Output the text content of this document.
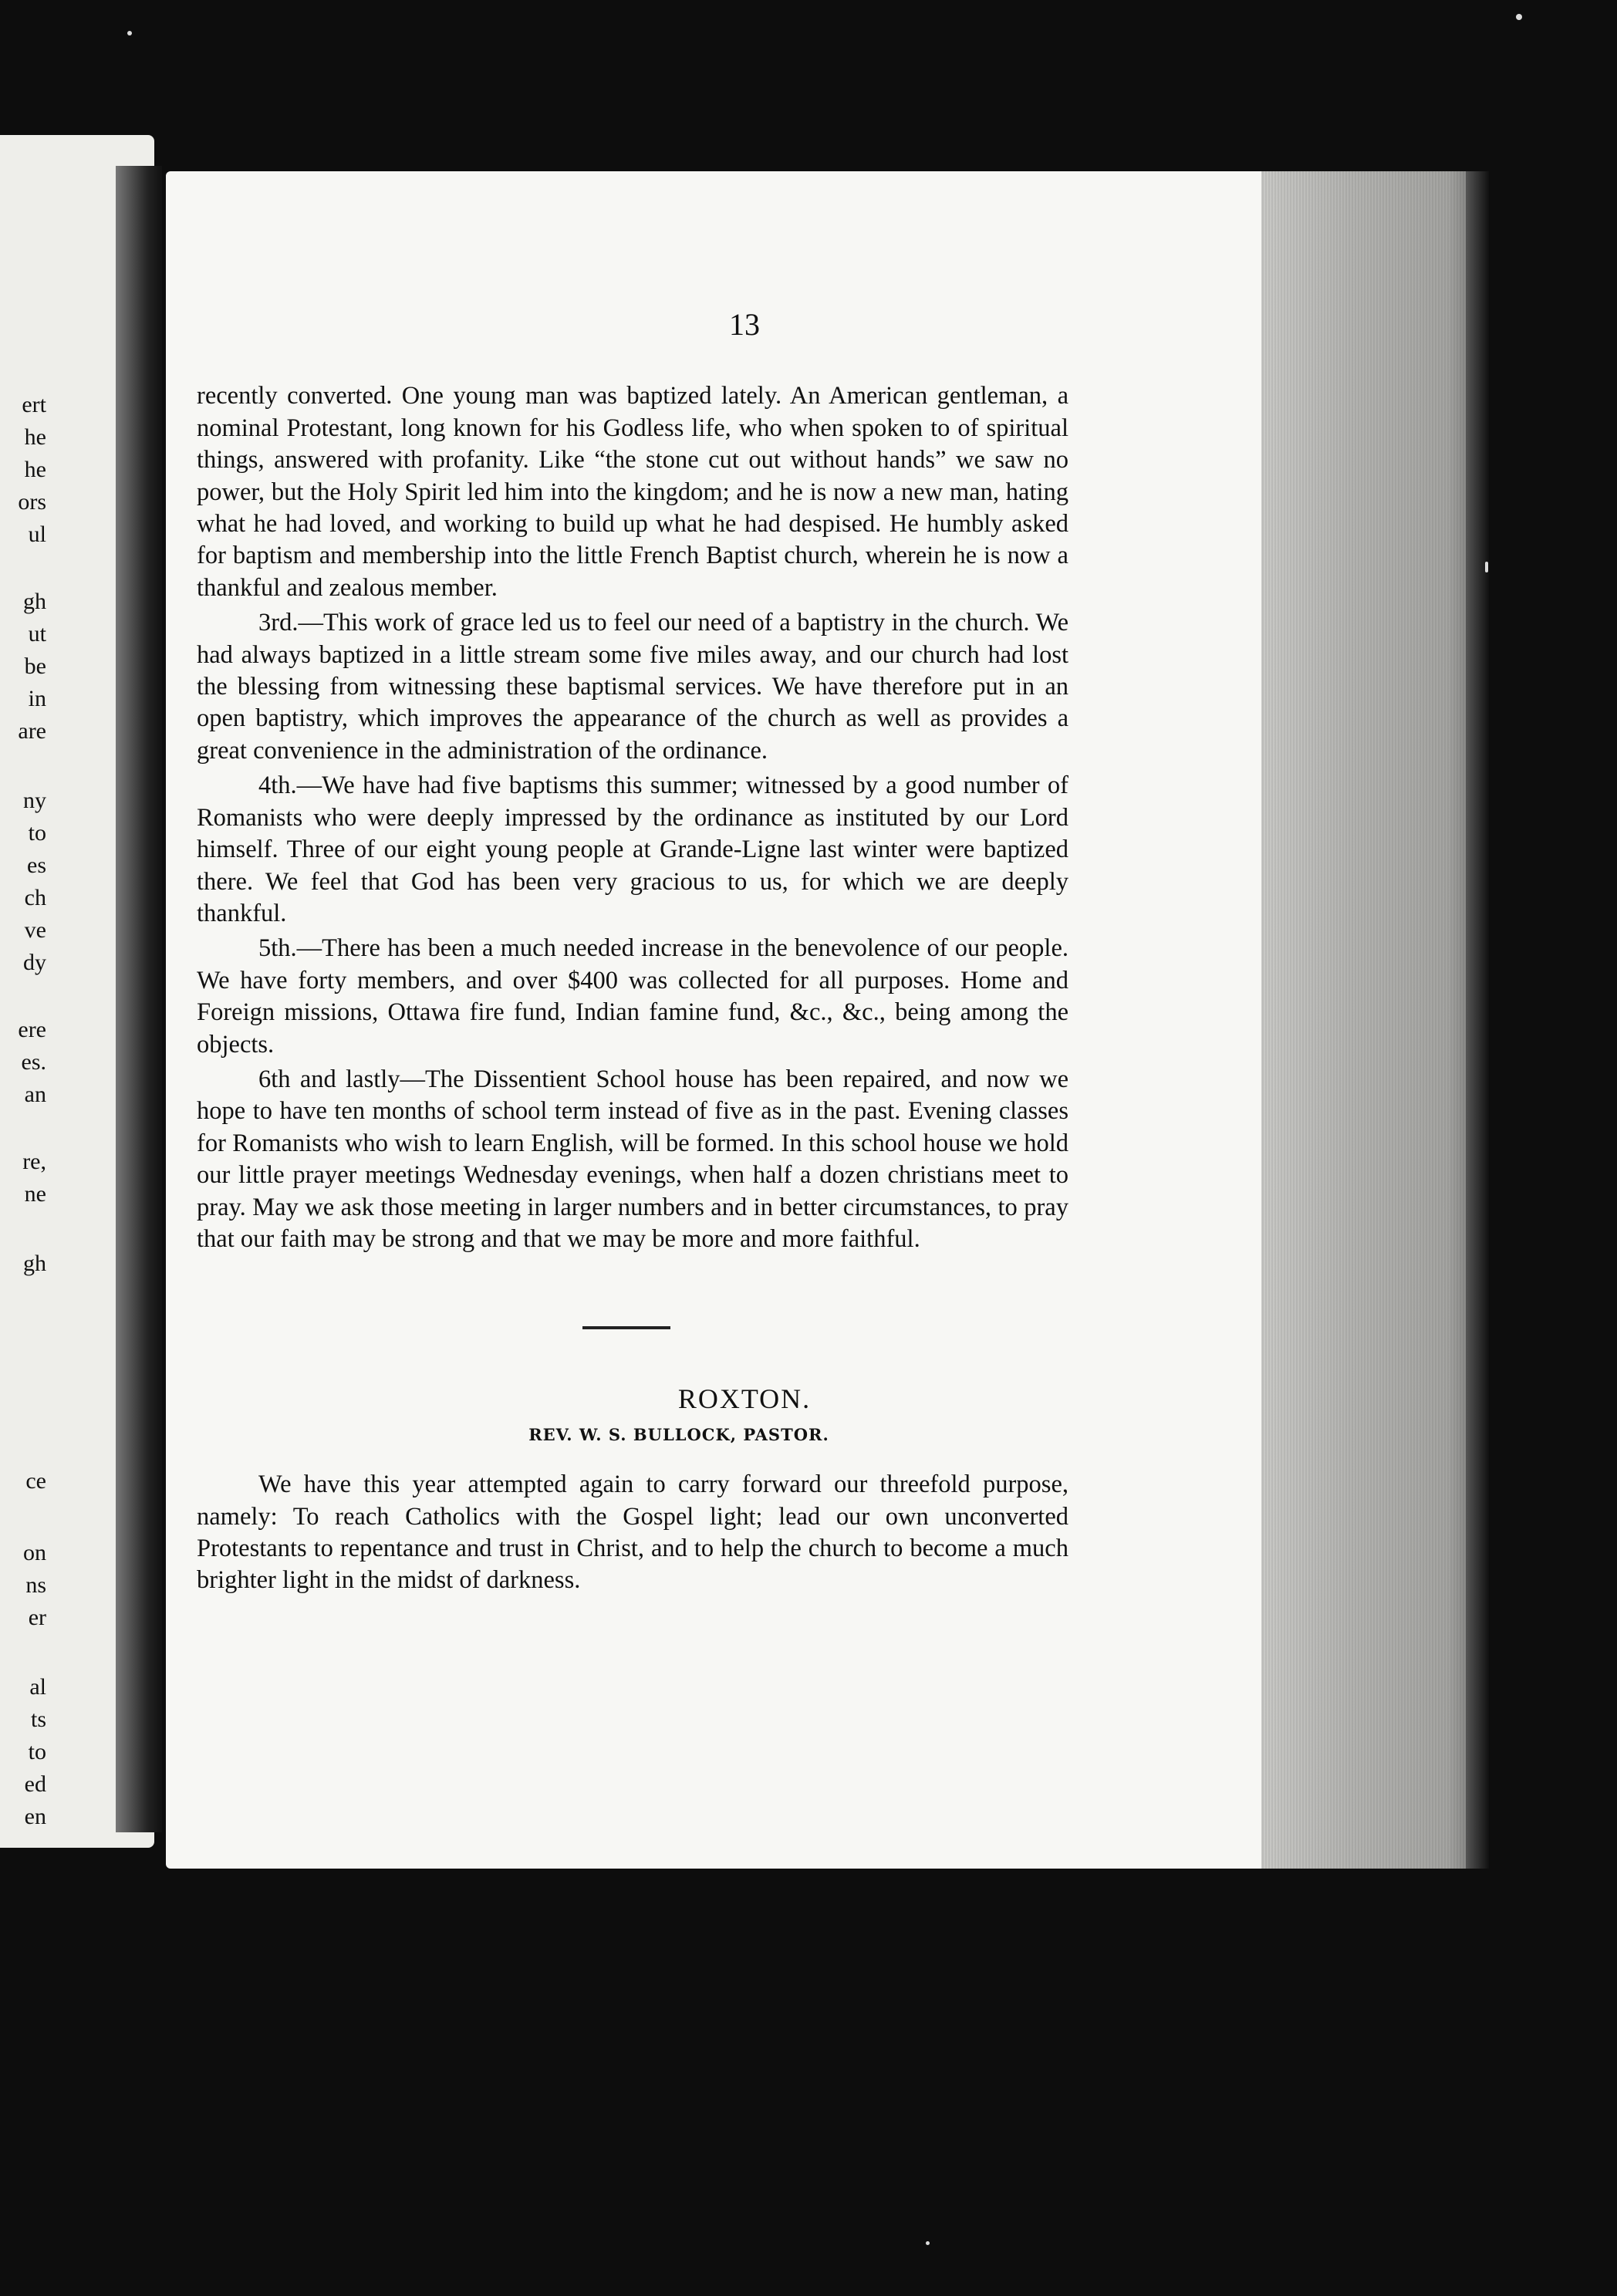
ert
he
he
ors
ul
gh
ut
be
in
are
ny
to
es
ch
ve
dy
ere
es.
an
re,
ne
gh
ce
on
ns
er
al
ts
to
ed
en
13

recently converted. One young man was baptized lately. An American gentleman, a nominal Protestant, long known for his Godless life, who when spoken to of spiritual things, answered with profanity. Like “the stone cut out without hands” we saw no power, but the Holy Spirit led him into the kingdom; and he is now a new man, hating what he had loved, and working to build up what he had despised. He humbly asked for baptism and membership into the little French Baptist church, wherein he is now a thankful and zealous member.

3rd.—This work of grace led us to feel our need of a baptistry in the church. We had always baptized in a little stream some five miles away, and our church had lost the blessing from witnessing these baptismal services. We have therefore put in an open baptistry, which improves the appearance of the church as well as provides a great convenience in the administration of the ordinance.

4th.—We have had five baptisms this summer; witnessed by a good number of Romanists who were deeply impressed by the ordinance as instituted by our Lord himself. Three of our eight young people at Grande-Ligne last winter were baptized there. We feel that God has been very gracious to us, for which we are deeply thankful.

5th.—There has been a much needed increase in the benevolence of our people. We have forty members, and over $400 was collected for all purposes. Home and Foreign missions, Ottawa fire fund, Indian famine fund, &c., &c., being among the objects.

6th and lastly—The Dissentient School house has been repaired, and now we hope to have ten months of school term instead of five as in the past. Evening classes for Romanists who wish to learn English, will be formed. In this school house we hold our little prayer meetings Wednesday evenings, when half a dozen christians meet to pray. May we ask those meeting in larger numbers and in better circumstances, to pray that our faith may be strong and that we may be more and more faithful.

ROXTON.
REV. W. S. BULLOCK, PASTOR.

We have this year attempted again to carry forward our threefold purpose, namely: To reach Catholics with the Gospel light; lead our own unconverted Protestants to repentance and trust in Christ, and to help the church to become a much brighter light in the midst of darkness.
